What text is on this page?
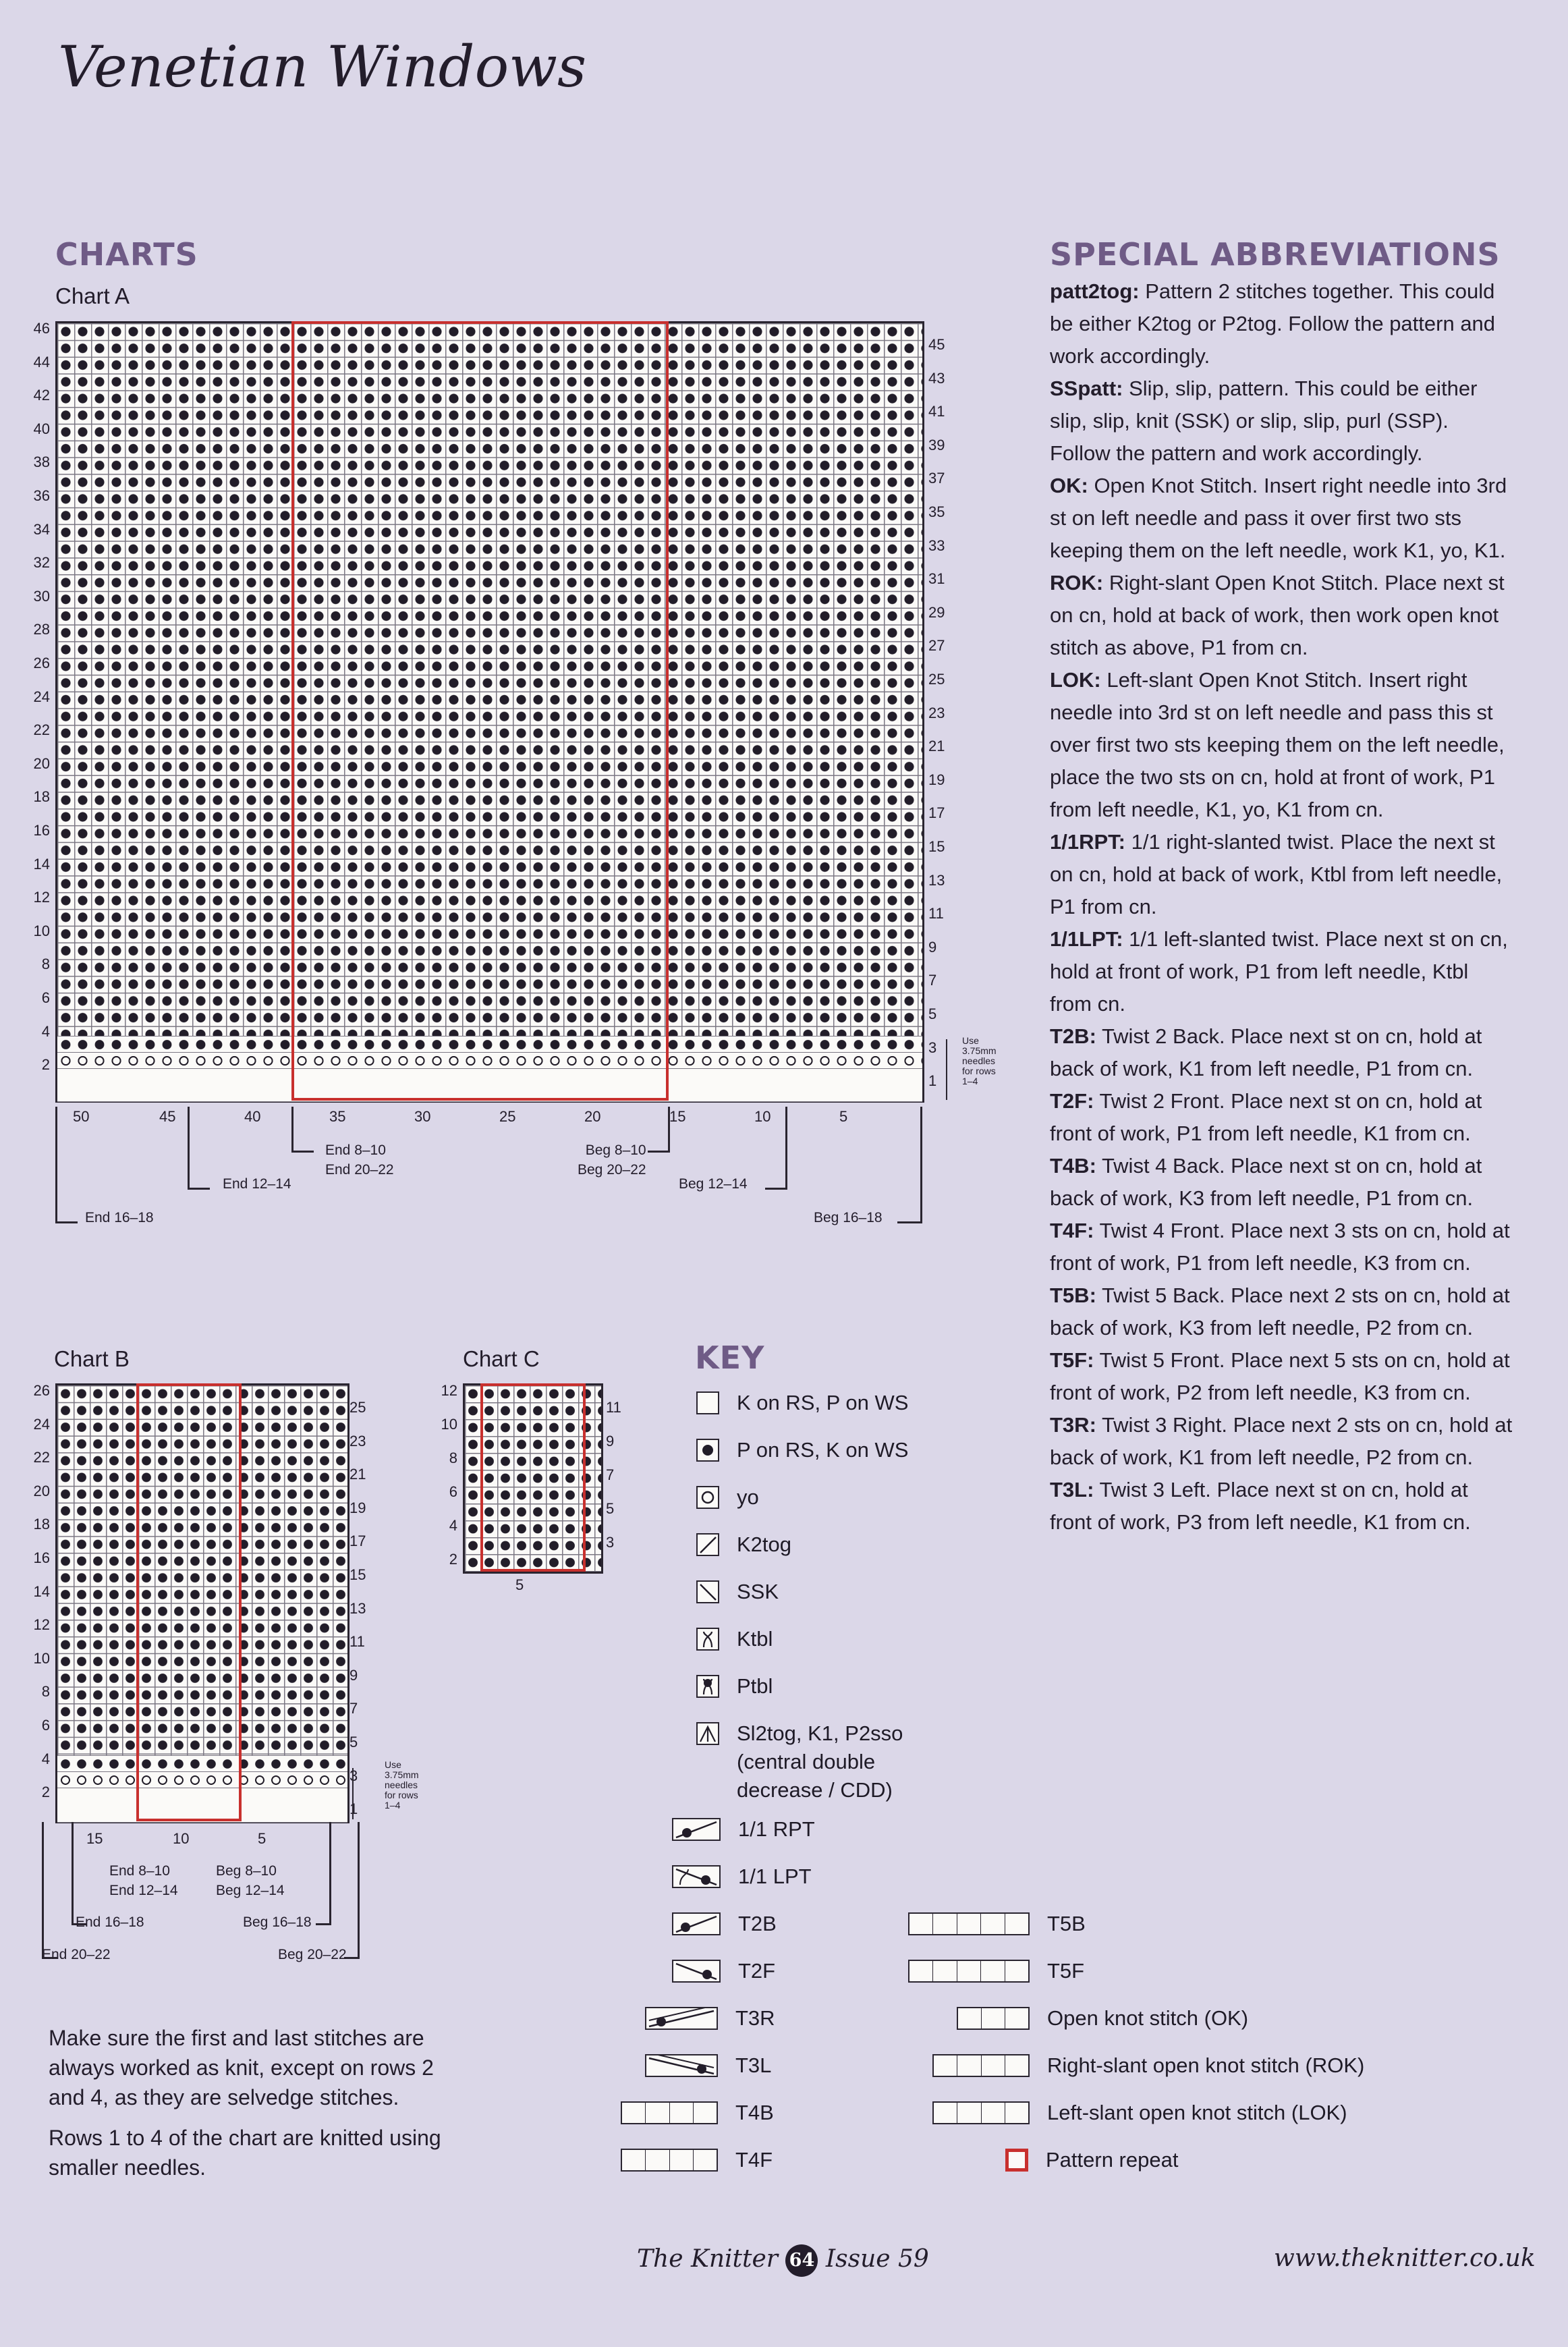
Venetian Windows
CHARTS
Chart A
46
44
42
40
38
36
34
32
30
28
26
24
22
20
18
16
14
12
10
8
6
4
2
45
43
41
39
37
35
33
31
29
27
25
23
21
19
17
15
13
11
9
7
5
3
1
50	45	40	35	30	25	20	15	10	5
Use
3.75mm
needles
for rows
1–4
End 16–18
End 12–14
End 8–10
End 20–22
Beg 8–10
Beg 20–22
Beg 12–14
Beg 16–18
Chart B
26
24
22
20
18
16
14
12
10
8
6
4
2
25
23
21
19
17
15
13
11
9
7
5
3
1
15	10	5
Use
3.75mm
needles
for rows
1–4
End 20–22
End 16–18
End 8–10
End 12–14
Beg 8–10
Beg 12–14
Beg 16–18
Beg 20–22
Chart C
12
10
8
6
4
2
11
9
7
5
3
5
Make sure the first and last stitches are always worked as knit, except on rows 2 and 4, as they are selvedge stitches.
Rows 1 to 4 of the chart are knitted using smaller needles.
KEY
K on RS, P on WS
P on RS, K on WS
yo
K2tog
SSK
Ktbl
Ptbl
Sl2tog, K1, P2sso (central double decrease / CDD)
1/1 RPT
1/1 LPT
T2B
T2F
T3R
T3L
T4B
T4F
T5B
T5F
Open knot stitch (OK)
Right-slant open knot stitch (ROK)
Left-slant open knot stitch (LOK)
Pattern repeat
SPECIAL ABBREVIATIONS

patt2tog: Pattern 2 stitches together. This could be either K2tog or P2tog. Follow the pattern and work accordingly.

SSpatt: Slip, slip, pattern. This could be either slip, slip, knit (SSK) or slip, slip, purl (SSP). Follow the pattern and work accordingly.

OK: Open Knot Stitch. Insert right needle into 3rd st on left needle and pass it over first two sts keeping them on the left needle, work K1, yo, K1.

ROK: Right-slant Open Knot Stitch. Place next st on cn, hold at back of work, then work open knot stitch as above, P1 from cn.

LOK: Left-slant Open Knot Stitch. Insert right needle into 3rd st on left needle and pass this st over first two sts keeping them on the left needle, place the two sts on cn, hold at front of work, P1 from left needle, K1, yo, K1 from cn.

1/1RPT: 1/1 right-slanted twist. Place the next st on cn, hold at back of work, Ktbl from left needle, P1 from cn.

1/1LPT: 1/1 left-slanted twist. Place next st on cn, hold at front of work, P1 from left needle, Ktbl from cn.

T2B: Twist 2 Back. Place next st on cn, hold at back of work, K1 from left needle, P1 from cn.

T2F: Twist 2 Front. Place next st on cn, hold at front of work, P1 from left needle, K1 from cn.

T4B: Twist 4 Back. Place next st on cn, hold at back of work, K3 from left needle, P1 from cn.

T4F: Twist 4 Front. Place next 3 sts on cn, hold at front of work, P1 from left needle, K3 from cn.

T5B: Twist 5 Back. Place next 2 sts on cn, hold at back of work, K3 from left needle, P2 from cn.

T5F: Twist 5 Front. Place next 5 sts on cn, hold at front of work, P2 from left needle, K3 from cn.

T3R: Twist 3 Right. Place next 2 sts on cn, hold at back of work, K1 from left needle, P2 from cn.

T3L: Twist 3 Left. Place next st on cn, hold at front of work, P3 from left needle, K1 from cn.

The Knitter 64 Issue 59	www.theknitter.co.uk
